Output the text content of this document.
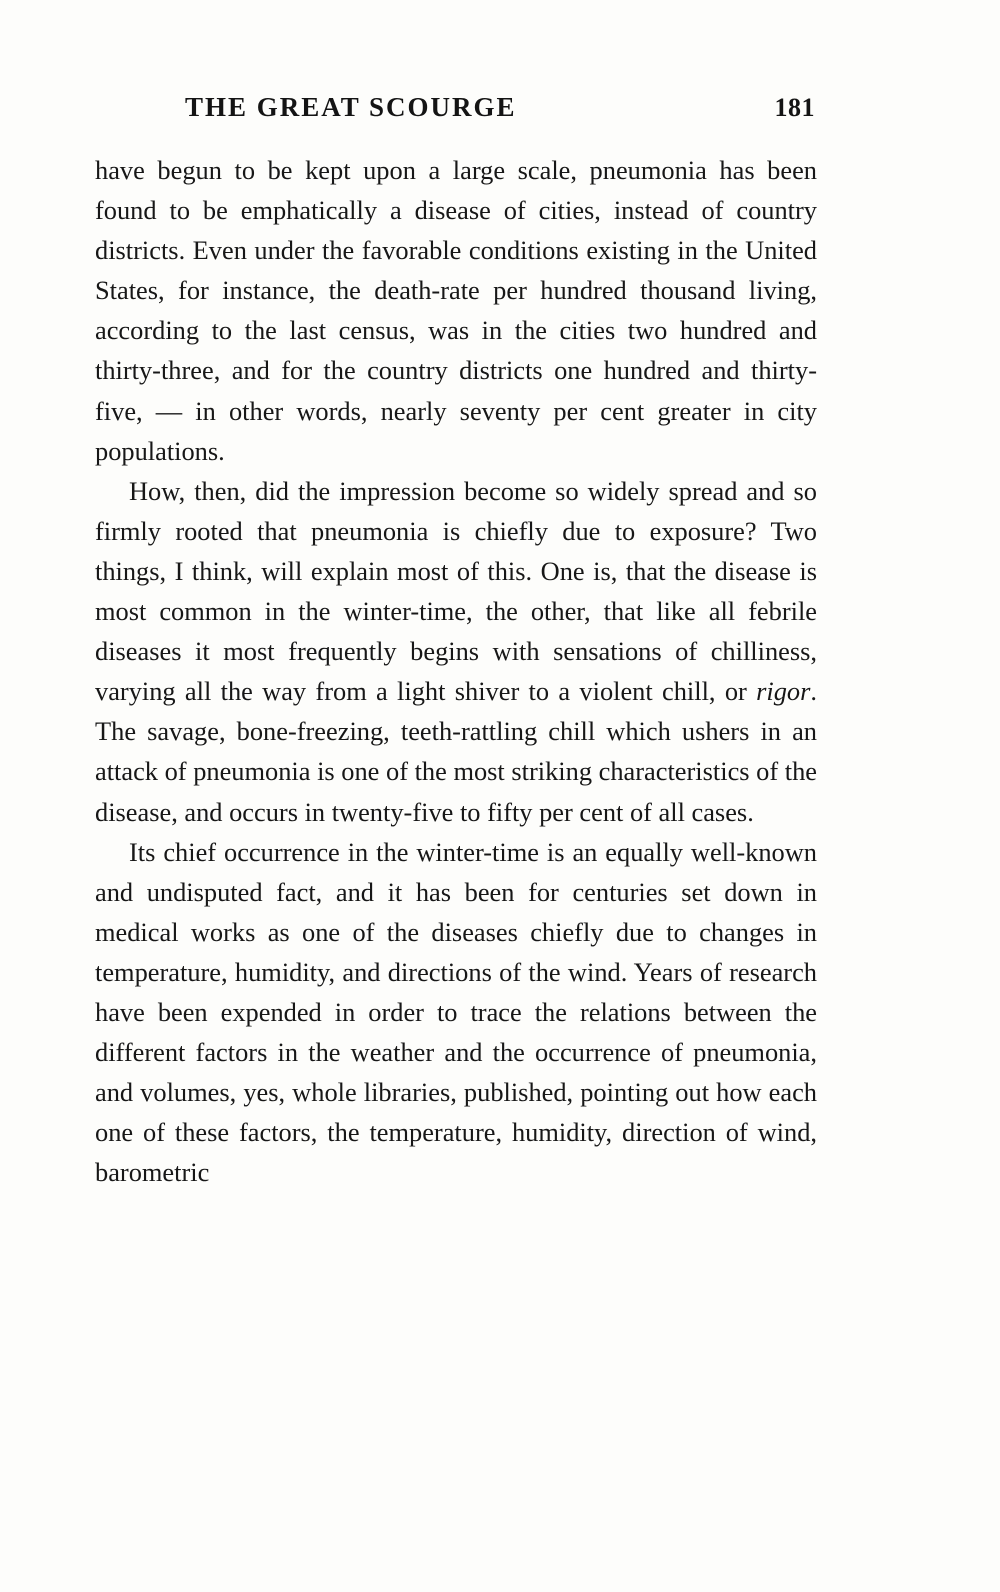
THE GREAT SCOURGE	181

have begun to be kept upon a large scale, pneumonia has been found to be emphatically a disease of cities, instead of country districts. Even under the favorable conditions existing in the United States, for instance, the death-rate per hundred thousand living, according to the last census, was in the cities two hundred and thirty-three, and for the country districts one hundred and thirty-five, — in other words, nearly seventy per cent greater in city populations.

How, then, did the impression become so widely spread and so firmly rooted that pneumonia is chiefly due to exposure? Two things, I think, will explain most of this. One is, that the disease is most common in the winter-time, the other, that like all febrile diseases it most frequently begins with sensations of chilliness, varying all the way from a light shiver to a violent chill, or rigor. The savage, bone-freezing, teeth-rattling chill which ushers in an attack of pneumonia is one of the most striking characteristics of the disease, and occurs in twenty-five to fifty per cent of all cases.

Its chief occurrence in the winter-time is an equally well-known and undisputed fact, and it has been for centuries set down in medical works as one of the diseases chiefly due to changes in temperature, humidity, and directions of the wind. Years of research have been expended in order to trace the relations between the different factors in the weather and the occurrence of pneumonia, and volumes, yes, whole libraries, published, pointing out how each one of these factors, the temperature, humidity, direction of wind, barometric
